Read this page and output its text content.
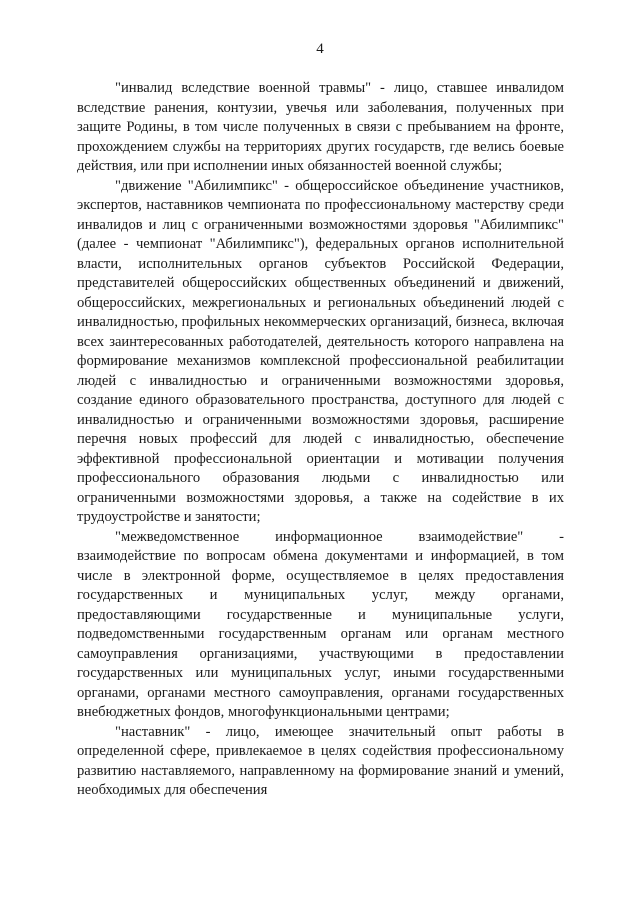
4

"инвалид вследствие военной травмы" - лицо, ставшее инвалидом вследствие ранения, контузии, увечья или заболевания, полученных при защите Родины, в том числе полученных в связи с пребыванием на фронте, прохождением службы на территориях других государств, где велись боевые действия, или при исполнении иных обязанностей военной службы;

"движение "Абилимпикс" - общероссийское объединение участников, экспертов, наставников чемпионата по профессиональному мастерству среди инвалидов и лиц с ограниченными возможностями здоровья "Абилимпикс" (далее - чемпионат "Абилимпикс"), федеральных органов исполнительной власти, исполнительных органов субъектов Российской Федерации, представителей общероссийских общественных объединений и движений, общероссийских, межрегиональных и региональных объединений людей с инвалидностью, профильных некоммерческих организаций, бизнеса, включая всех заинтересованных работодателей, деятельность которого направлена на формирование механизмов комплексной профессиональной реабилитации людей с инвалидностью и ограниченными возможностями здоровья, создание единого образовательного пространства, доступного для людей с инвалидностью и ограниченными возможностями здоровья, расширение перечня новых профессий для людей с инвалидностью, обеспечение эффективной профессиональной ориентации и мотивации получения профессионального образования людьми с инвалидностью или ограниченными возможностями здоровья, а также на содействие в их трудоустройстве и занятости;

"межведомственное информационное взаимодействие" - взаимодействие по вопросам обмена документами и информацией, в том числе в электронной форме, осуществляемое в целях предоставления государственных и муниципальных услуг, между органами, предоставляющими государственные и муниципальные услуги, подведомственными государственным органам или органам местного самоуправления организациями, участвующими в предоставлении государственных или муниципальных услуг, иными государственными органами, органами местного самоуправления, органами государственных внебюджетных фондов, многофункциональными центрами;

"наставник" - лицо, имеющее значительный опыт работы в определенной сфере, привлекаемое в целях содействия профессиональному развитию наставляемого, направленному на формирование знаний и умений, необходимых для обеспечения
